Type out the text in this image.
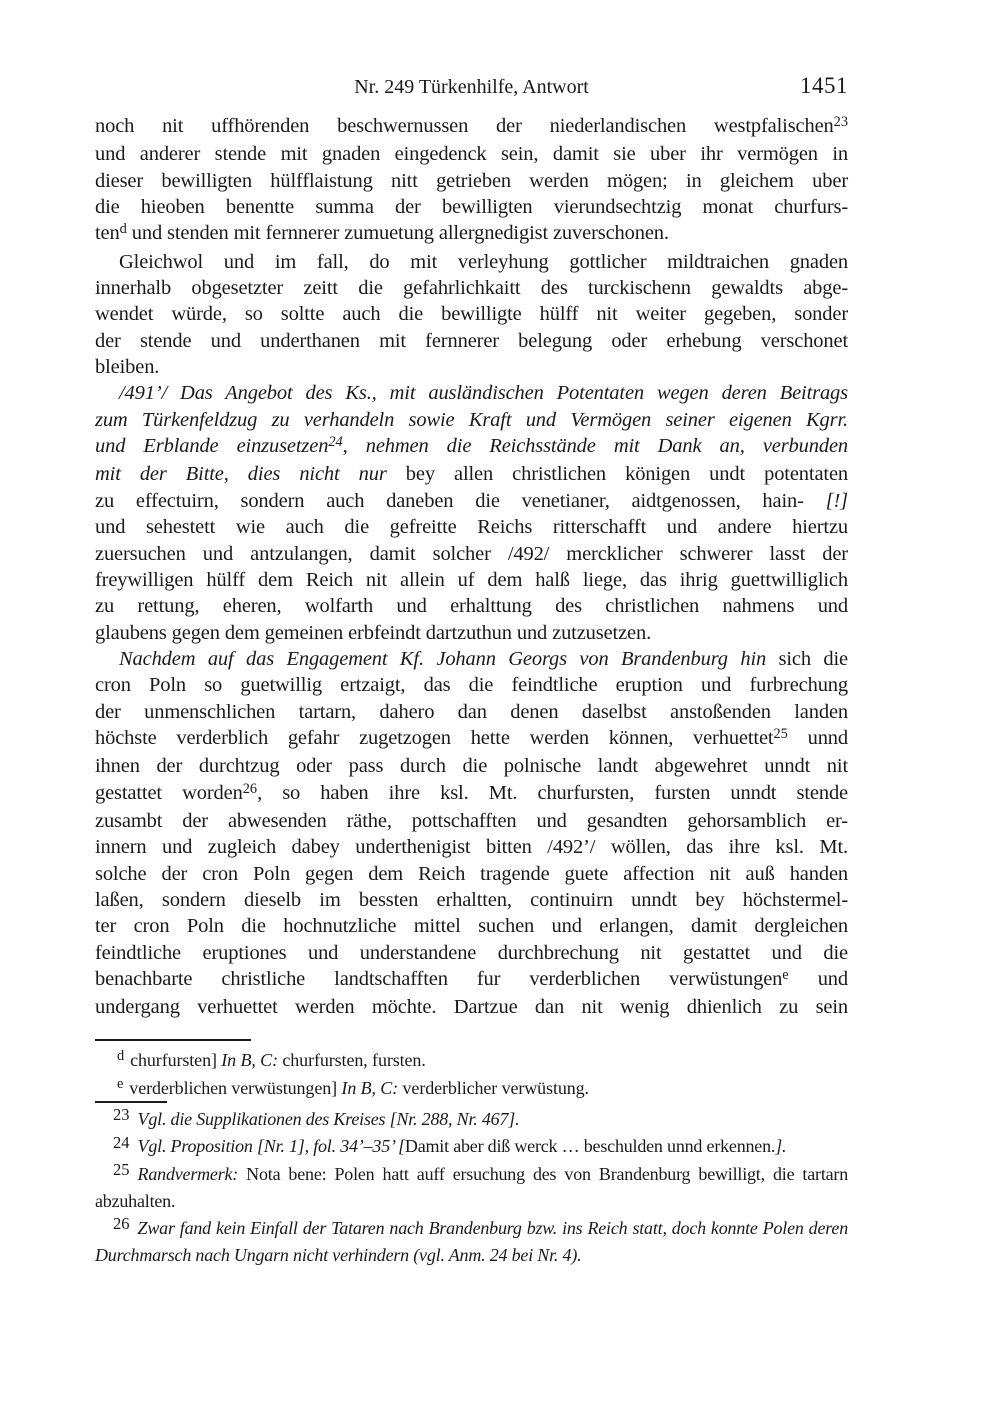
Nr. 249 Türkenhilfe, Antwort	1451
noch nit uffhörenden beschwernussen der niederlandischen westpfalischen$^{23}$
und anderer stende mit gnaden eingedenck sein, damit sie uber ihr vermögen in
dieser bewilligten hülfflaistung nitt getrieben werden mögen; in gleichem uber
die hieoben benentte summa der bewilligten vierundsechtzig monat churfurs-
ten$^d$ und stenden mit fernnerer zumuetung allergnedigist zuverschonen.
Gleichwol und im fall, do mit verleyhung gottlicher mildtraichen gnaden
innerhalb obgesetzter zeitt die gefahrlichkaitt des turckischenn gewaldts abge-
wendet würde, so soltte auch die bewilligte hülff nit weiter gegeben, sonder
der stende und underthanen mit fernnerer belegung oder erhebung verschonet
bleiben.
/491’/ Das Angebot des Ks., mit ausländischen Potentaten wegen deren Beitrags
zum Türkenfeldzug zu verhandeln sowie Kraft und Vermögen seiner eigenen Kgrr.
und Erblande einzusetzen$^{24}$, nehmen die Reichsstände mit Dank an, verbunden
mit der Bitte, dies nicht nur bey allen christlichen königen undt potentaten
zu effectuirn, sondern auch daneben die venetianer, aidtgenossen, hain- [!]
und sehestett wie auch die gefreitte Reichs ritterschafft und andere hiertzu
zuersuchen und antzulangen, damit solcher /492/ mercklicher schwerer lasst der
freywilligen hülff dem Reich nit allein uf dem halß liege, das ihrig guettwilliglich
zu rettung, eheren, wolfarth und erhalttung des christlichen nahmens und
glaubens gegen dem gemeinen erbfeindt dartzuthun und zutzusetzen.
Nachdem auf das Engagement Kf. Johann Georgs von Brandenburg hin sich die
cron Poln so guetwillig ertzaigt, das die feindtliche eruption und furbrechung
der unmenschlichen tartarn, dahero dan denen daselbst anstoßenden landen
höchste verderblich gefahr zugetzogen hette werden können, verhuettet$^{25}$ unnd
ihnen der durchtzug oder pass durch die polnische landt abgewehret unndt nit
gestattet worden$^{26}$, so haben ihre ksl. Mt. churfursten, fursten unndt stende
zusambt der abwesenden räthe, pottschafften und gesandten gehorsamblich er-
innern und zugleich dabey underthenigist bitten /492’/ wöllen, das ihre ksl. Mt.
solche der cron Poln gegen dem Reich tragende guete affection nit auß handen
laßen, sondern dieselb im bessten erhaltten, continuirn unndt bey höchstermel-
ter cron Poln die hochnutzliche mittel suchen und erlangen, damit dergleichen
feindtliche eruptiones und understandene durchbrechung nit gestattet und die
benachbarte christliche landtschafften fur verderblichen verwüstungen$^e$ und
undergang verhuettet werden möchte. Dartzue dan nit wenig dhienlich zu sein
$^d$ churfursten] In B, C: churfursten, fursten.
$^e$ verderblichen verwüstungen] In B, C: verderblicher verwüstung.
23 Vgl. die Supplikationen des Kreises [Nr. 288, Nr. 467].
24 Vgl. Proposition [Nr. 1], fol. 34’–35’ [Damit aber diß werck … beschulden unnd erkennen.].
25 Randvermerk: Nota bene: Polen hatt auff ersuchung des von Brandenburg bewilligt, die tartarn abzuhalten.
26 Zwar fand kein Einfall der Tataren nach Brandenburg bzw. ins Reich statt, doch konnte Polen deren Durchmarsch nach Ungarn nicht verhindern (vgl. Anm. 24 bei Nr. 4).
